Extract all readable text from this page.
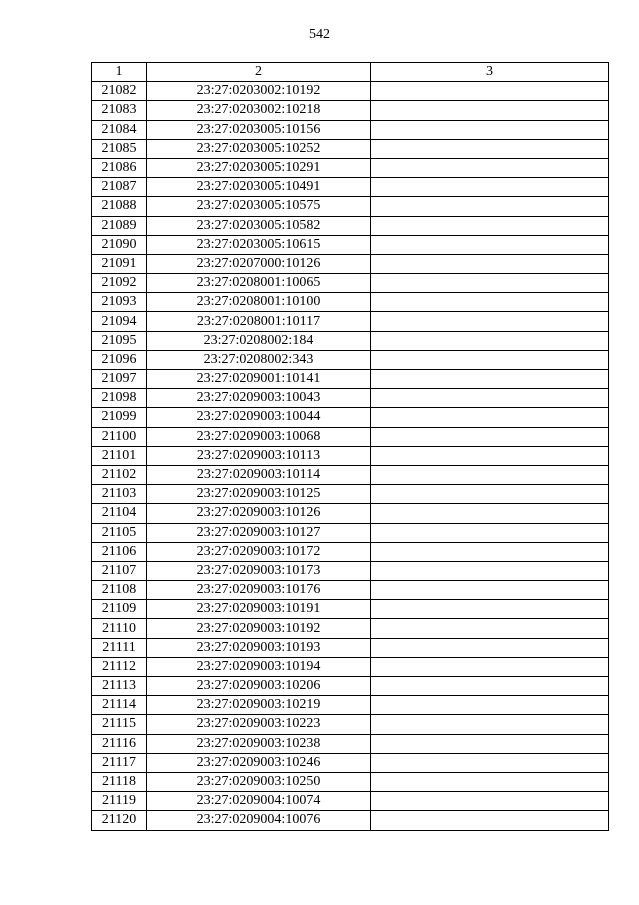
542
1	2	3
21082	23:27:0203002:10192	
21083	23:27:0203002:10218	
21084	23:27:0203005:10156	
21085	23:27:0203005:10252	
21086	23:27:0203005:10291	
21087	23:27:0203005:10491	
21088	23:27:0203005:10575	
21089	23:27:0203005:10582	
21090	23:27:0203005:10615	
21091	23:27:0207000:10126	
21092	23:27:0208001:10065	
21093	23:27:0208001:10100	
21094	23:27:0208001:10117	
21095	23:27:0208002:184	
21096	23:27:0208002:343	
21097	23:27:0209001:10141	
21098	23:27:0209003:10043	
21099	23:27:0209003:10044	
21100	23:27:0209003:10068	
21101	23:27:0209003:10113	
21102	23:27:0209003:10114	
21103	23:27:0209003:10125	
21104	23:27:0209003:10126	
21105	23:27:0209003:10127	
21106	23:27:0209003:10172	
21107	23:27:0209003:10173	
21108	23:27:0209003:10176	
21109	23:27:0209003:10191	
21110	23:27:0209003:10192	
21111	23:27:0209003:10193	
21112	23:27:0209003:10194	
21113	23:27:0209003:10206	
21114	23:27:0209003:10219	
21115	23:27:0209003:10223	
21116	23:27:0209003:10238	
21117	23:27:0209003:10246	
21118	23:27:0209003:10250	
21119	23:27:0209004:10074	
21120	23:27:0209004:10076	
